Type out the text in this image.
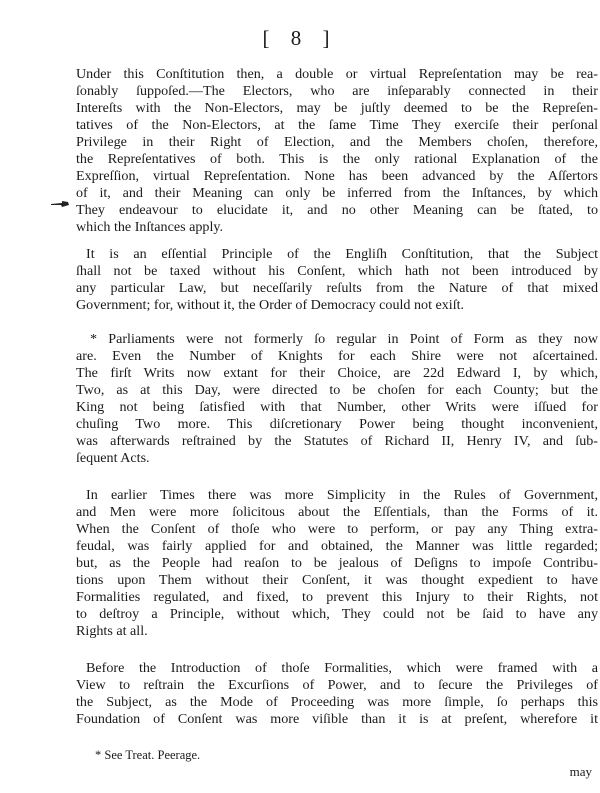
[ 8 ]
Under this Conſtitution then, a double or virtual Repreſentation may be rea-
ſonably ſuppoſed.—The Electors, who are inſeparably connected in their
Intereſts with the Non-Electors, may be juſtly deemed to be the Repreſen-
tatives of the Non-Electors, at the ſame Time They exerciſe their perſonal
Privilege in their Right of Election, and the Members choſen, therefore,
the Repreſentatives of both. This is the only rational Explanation of the
Expreſſion, virtual Repreſentation. None has been advanced by the Aſſertors
of it, and their Meaning can only be inferred from the Inſtances, by which
They endeavour to elucidate it, and no other Meaning can be ſtated, to
which the Inſtances apply.
It is an eſſential Principle of the Engliſh Conſtitution, that the Subject
ſhall not be taxed without his Conſent, which hath not been introduced by
any particular Law, but neceſſarily reſults from the Nature of that mixed
Government; for, without it, the Order of Democracy could not exiſt.
* Parliaments were not formerly ſo regular in Point of Form as they now
are. Even the Number of Knights for each Shire were not aſcertained.
The firſt Writs now extant for their Choice, are 22d Edward I, by which,
Two, as at this Day, were directed to be choſen for each County; but the
King not being ſatisfied with that Number, other Writs were iſſued for
chuſing Two more. This diſcretionary Power being thought inconvenient,
was afterwards reſtrained by the Statutes of Richard II, Henry IV, and ſub-
ſequent Acts.
In earlier Times there was more Simplicity in the Rules of Government,
and Men were more ſolicitous about the Eſſentials, than the Forms of it.
When the Conſent of thoſe who were to perform, or pay any Thing extra-
feudal, was fairly applied for and obtained, the Manner was little regarded;
but, as the People had reaſon to be jealous of Deſigns to impoſe Contribu-
tions upon Them without their Conſent, it was thought expedient to have
Formalities regulated, and fixed, to prevent this Injury to their Rights, not
to deſtroy a Principle, without which, They could not be ſaid to have any
Rights at all.
Before the Introduction of thoſe Formalities, which were framed with a
View to reſtrain the Excurſions of Power, and to ſecure the Privileges of
the Subject, as the Mode of Proceeding was more ſimple, ſo perhaps this
Foundation of Conſent was more viſible than it is at preſent, wherefore it
* See Treat. Peerage.
may
